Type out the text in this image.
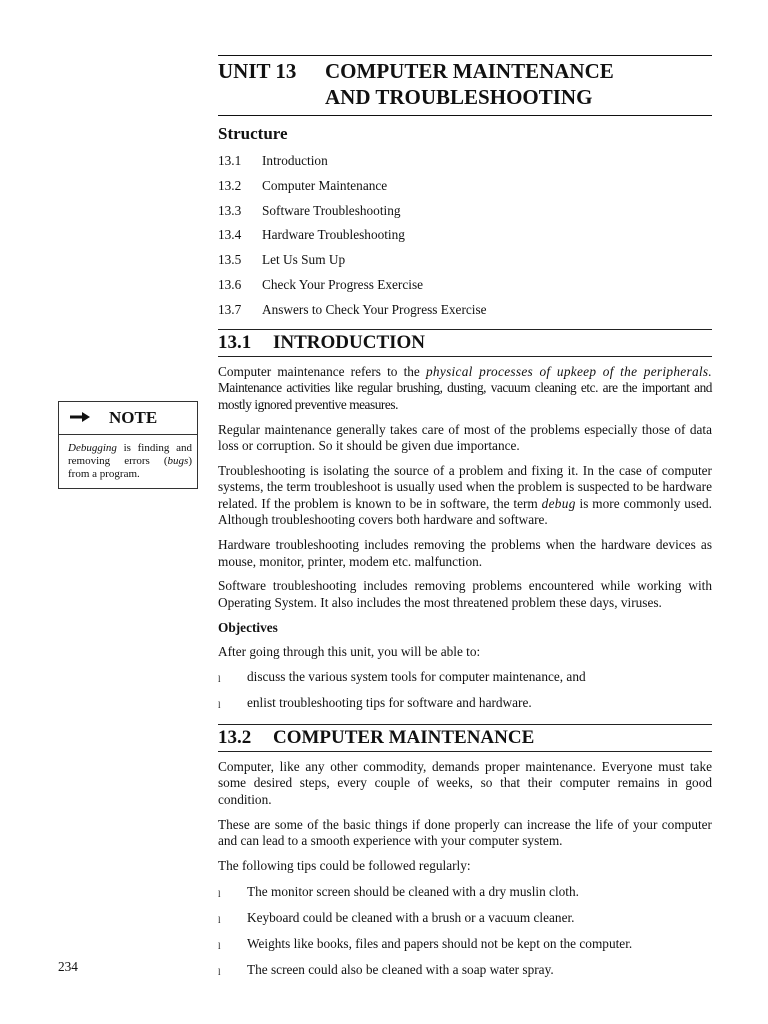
UNIT 13 COMPUTER MAINTENANCE
AND TROUBLESHOOTING
Structure
13.1 Introduction
13.2 Computer Maintenance
13.3 Software Troubleshooting
13.4 Hardware Troubleshooting
13.5 Let Us Sum Up
13.6 Check Your Progress Exercise
13.7 Answers to Check Your Progress Exercise
13.1 INTRODUCTION

Computer maintenance refers to the physical processes of upkeep of the peripherals. Maintenance activities like regular brushing, dusting, vacuum cleaning etc. are the important and mostly ignored preventive measures.

Regular maintenance generally takes care of most of the problems especially those of data loss or corruption. So it should be given due importance.

Troubleshooting is isolating the source of a problem and fixing it. In the case of computer systems, the term troubleshoot is usually used when the problem is suspected to be hardware related. If the problem is known to be in software, the term debug is more commonly used. Although troubleshooting covers both hardware and software.

Hardware troubleshooting includes removing the problems when the hardware devices as mouse, monitor, printer, modem etc. malfunction.

Software troubleshooting includes removing problems encountered while working with Operating System. It also includes the most threatened problem these days, viruses.

Objectives

After going through this unit, you will be able to:

l discuss the various system tools for computer maintenance, and
l enlist troubleshooting tips for software and hardware.
NOTE
Debugging is finding and removing errors (bugs) from a program.
13.2 COMPUTER MAINTENANCE

Computer, like any other commodity, demands proper maintenance. Everyone must take some desired steps, every couple of weeks, so that their computer remains in good condition.

These are some of the basic things if done properly can increase the life of your computer and can lead to a smooth experience with your computer system.

The following tips could be followed regularly:

l The monitor screen should be cleaned with a dry muslin cloth.
l Keyboard could be cleaned with a brush or a vacuum cleaner.
l Weights like books, files and papers should not be kept on the computer.
l The screen could also be cleaned with a soap water spray.
234
